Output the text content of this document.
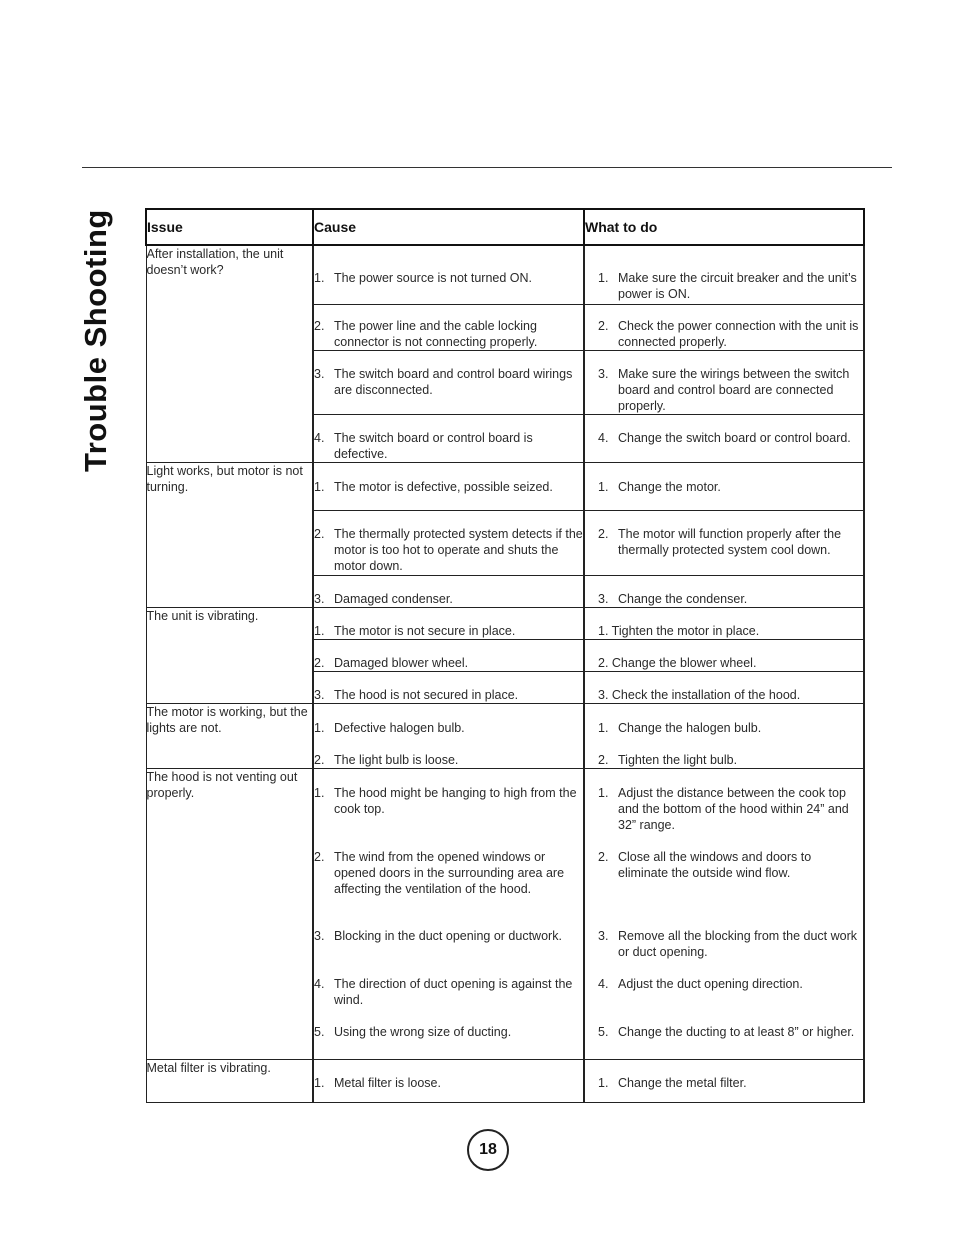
Trouble Shooting Issue	Cause	What to do
After installation, the unit doesn’t work?	1. The power source is not turned ON.	1. Make sure the circuit breaker and the unit’s power is ON.

	2. The power line and the cable locking connector is not connecting properly.	2. Check the power connection with the unit is connected properly.

	3. The switch board and control board wirings are disconnected.	3. Make sure the wirings between the switch board and control board are connected properly.

	4. The switch board or control board is defective.	4. Change the switch board or control board.

Light works, but motor is not turning.	1. The motor is defective, possible seized.	1. Change the motor.

	2. The thermally protected system detects if the motor is too hot to operate and shuts the motor down.	2. The motor will function properly after the thermally protected system cool down.

	3. Damaged condenser.	3. Change the condenser.

The unit is vibrating.	1. The motor is not secure in place.	1. Tighten the motor in place.

	2. Damaged blower wheel.	2. Change the blower wheel.

	3. The hood is not secured in place.	3. Check the installation of the hood.

The motor is working, but the lights are not.	1. Defective halogen bulb.	1. Change the halogen bulb.

	2. The light bulb is loose.	2. Tighten the light bulb.

The hood is not venting out properly.	1. The hood might be hanging to high from the cook top.	1. Adjust the distance between the cook top and the bottom of the hood within 24” and 32” range.

	2. The wind from the opened windows or opened doors in the surrounding area are affecting the ventilation of the hood.	2. Close all the windows and doors to eliminate the outside wind flow.

	3. Blocking in the duct opening or ductwork.	3. Remove all the blocking from the duct work or duct opening.

	4. The direction of duct opening is against the wind.	4. Adjust the duct opening direction.

	5. Using the wrong size of ducting.	5. Change the ducting to at least 8” or higher.

Metal filter is vibrating.	1. Metal filter is loose.	1. Change the metal filter.
18
